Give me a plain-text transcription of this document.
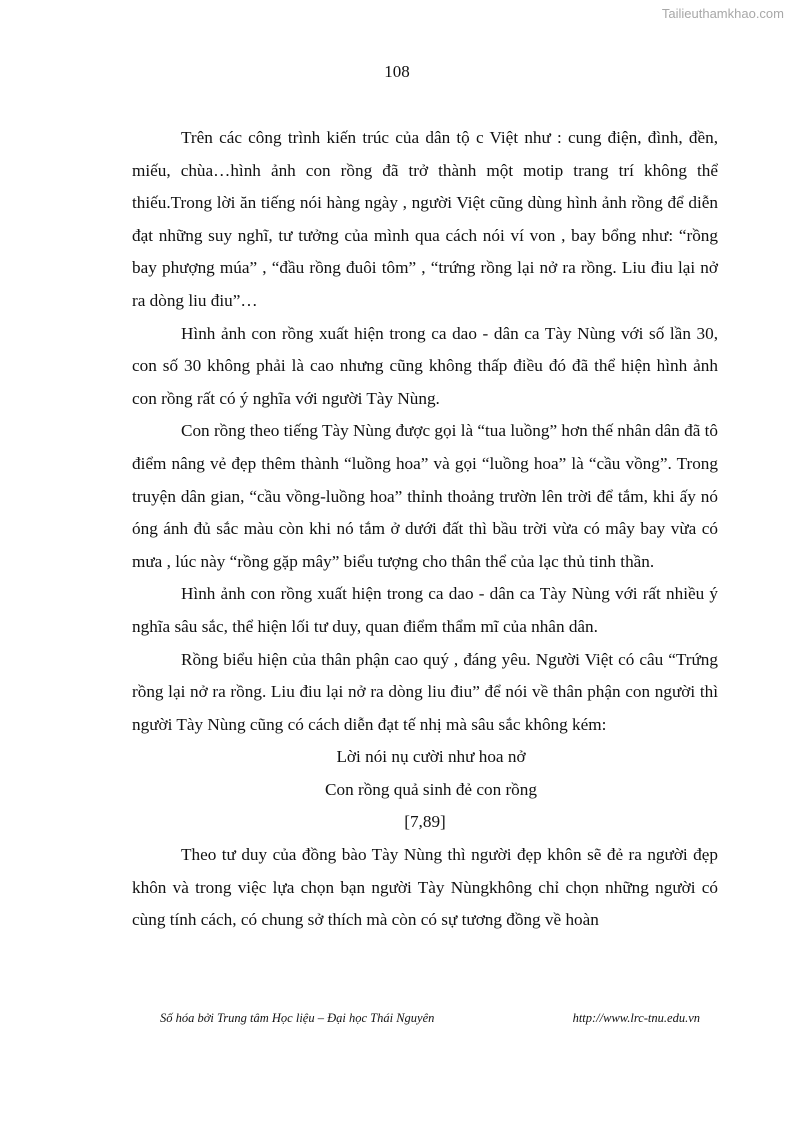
Tailieuthamkhao.com
108

Trên các công trình kiến trúc của dân tộ c Việt như : cung điện, đình, đền, miếu, chùa…hình ảnh con rồng đã trở thành một motip trang trí không thể thiếu.Trong lời ăn tiếng nói hàng ngày , người Việt cũng dùng hình ảnh rồng để diễn đạt những suy nghĩ, tư tưởng của mình qua cách nói ví von , bay bổng như: “rồng bay phượng múa” , “đầu rồng đuôi tôm” , “trứng rồng lại nở ra rồng. Liu điu lại nở ra dòng liu điu”…

Hình ảnh con rồng xuất hiện trong ca dao - dân ca Tày Nùng với số lần 30, con số 30 không phải là cao nhưng cũng không thấp điều đó đã thể hiện hình ảnh con rồng rất có ý nghĩa với người Tày Nùng.

Con rồng theo tiếng Tày Nùng được gọi là “tua luồng” hơn thế nhân dân đã tô điểm nâng vẻ đẹp thêm thành “luồng hoa” và gọi “luồng hoa” là “cầu vồng”. Trong truyện dân gian, “cầu vồng-luồng hoa” thỉnh thoảng trườn lên trời để tắm, khi ấy nó óng ánh đủ sắc màu còn khi nó tắm ở dưới đất thì bầu trời vừa có mây bay vừa có mưa , lúc này “rồng gặp mây” biểu tượng cho thân thể của lạc thủ tinh thần.

Hình ảnh con rồng xuất hiện trong ca dao - dân ca Tày Nùng với rất nhiều ý nghĩa sâu sắc, thể hiện lối tư duy, quan điểm thẩm mĩ của nhân dân.

Rồng biểu hiện của thân phận cao quý , đáng yêu. Người Việt có câu “Trứng rồng lại nở ra rồng. Liu điu lại nở ra dòng liu điu” để nói về thân phận con người thì người Tày Nùng cũng có cách diễn đạt tế nhị mà sâu sắc không kém:

Lời nói nụ cười như hoa nở

Con rồng quả sinh đẻ con rồng

[7,89]

Theo tư duy của đồng bào Tày Nùng thì người đẹp khôn sẽ đẻ ra người đẹp khôn và trong việc lựa chọn bạn người Tày Nùngkhông chỉ chọn những người có cùng tính cách, có chung sở thích mà còn có sự tương đồng về hoàn

Số hóa bởi Trung tâm Học liệu – Đại học Thái Nguyên	http://www.lrc-tnu.edu.vn
